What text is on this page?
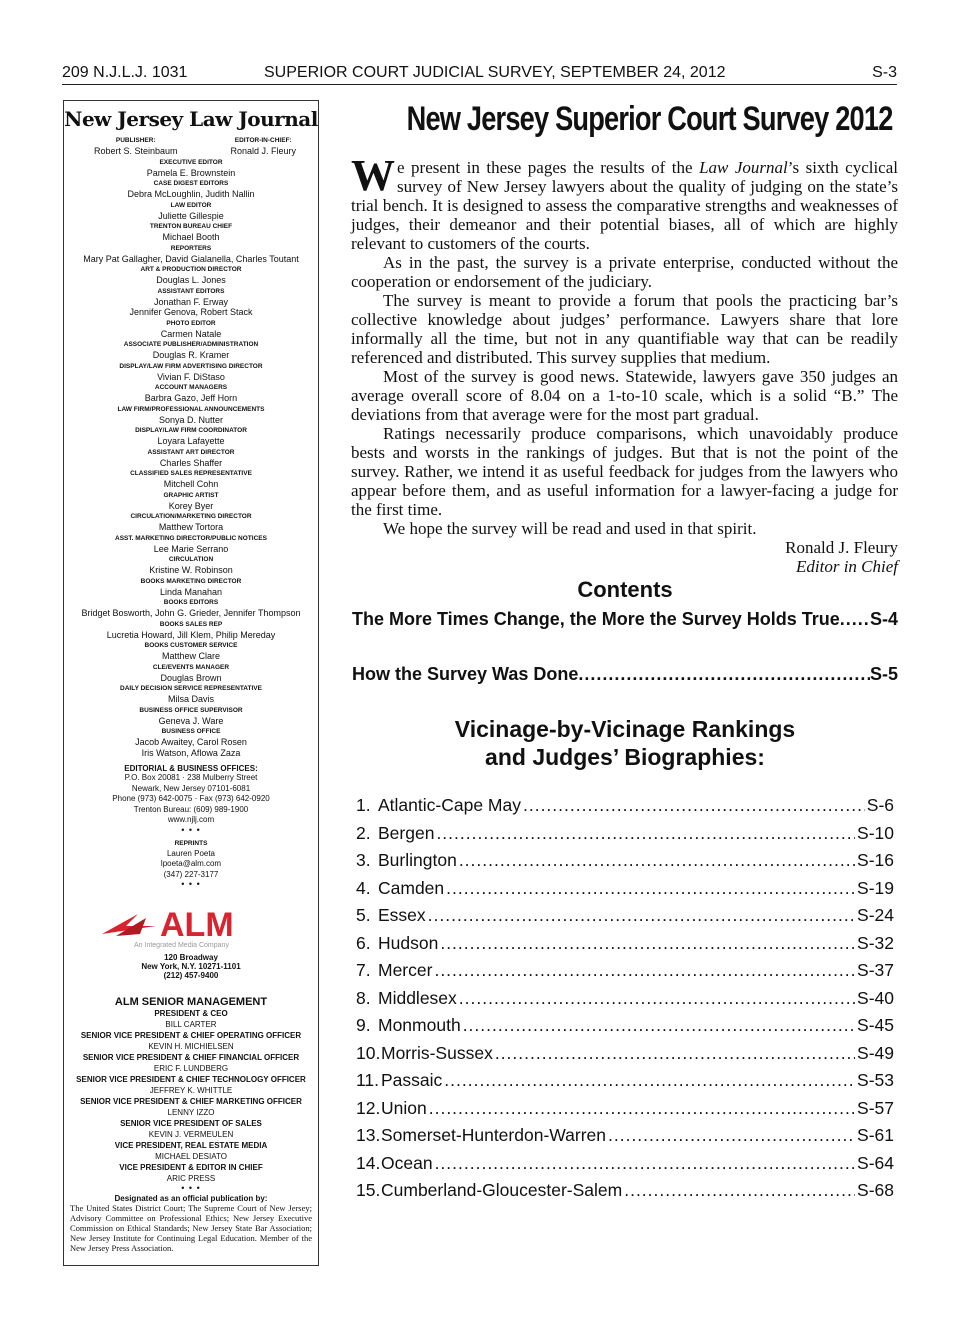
209 N.J.L.J. 1031	SUPERIOR COURT JUDICIAL SURVEY, SEPTEMBER 24, 2012	S-3
New Jersey Law Journal
PUBLISHER:
Robert S. Steinbaum
EDITOR-IN-CHIEF:
Ronald J. Fleury
EXECUTIVE EDITOR
Pamela E. Brownstein
CASE DIGEST EDITORS
Debra McLoughlin, Judith Nallin
LAW EDITOR
Juliette Gillespie
TRENTON BUREAU CHIEF
Michael Booth
REPORTERS
Mary Pat Gallagher, David Gialanella, Charles Toutant
ART & PRODUCTION DIRECTOR
Douglas L. Jones
ASSISTANT EDITORS
Jonathan F. Erway
Jennifer Genova, Robert Stack
PHOTO EDITOR
Carmen Natale
ASSOCIATE PUBLISHER/ADMINISTRATION
Douglas R. Kramer
DISPLAY/LAW FIRM ADVERTISING DIRECTOR
Vivian F. DiStaso
ACCOUNT MANAGERS
Barbra Gazo, Jeff Horn
LAW FIRM/PROFESSIONAL ANNOUNCEMENTS
Sonya D. Nutter
DISPLAY/LAW FIRM COORDINATOR
Loyara Lafayette
ASSISTANT ART DIRECTOR
Charles Shaffer
CLASSIFIED SALES REPRESENTATIVE
Mitchell Cohn
GRAPHIC ARTIST
Korey Byer
CIRCULATION/MARKETING DIRECTOR
Matthew Tortora
ASST. MARKETING DIRECTOR/PUBLIC NOTICES
Lee Marie Serrano
CIRCULATION
Kristine W. Robinson
BOOKS MARKETING DIRECTOR
Linda Manahan
BOOKS EDITORS
Bridget Bosworth, John G. Grieder, Jennifer Thompson
BOOKS SALES REP
Lucretia Howard, Jill Klem, Philip Mereday
BOOKS CUSTOMER SERVICE
Matthew Clare
CLE/EVENTS MANAGER
Douglas Brown
DAILY DECISION SERVICE REPRESENTATIVE
Milsa Davis
BUSINESS OFFICE SUPERVISOR
Geneva J. Ware
BUSINESS OFFICE
Jacob Awaitey, Carol Rosen
Iris Watson, Aflowa Zaza
EDITORIAL & BUSINESS OFFICES:
P.O. Box 20081 · 238 Mulberry Street
Newark, New Jersey 07101-6081
Phone (973) 642-0075 · Fax (973) 642-0920
Trenton Bureau: (609) 989-1900
www.njlj.com
• • •
REPRINTS
Lauren Poeta
lpoeta@alm.com
(347) 227-3177
• • •
ALM
An Integrated Media Company
120 Broadway
New York, N.Y. 10271-1101
(212) 457-9400
ALM SENIOR MANAGEMENT
PRESIDENT & CEO
BILL CARTER
SENIOR VICE PRESIDENT & CHIEF OPERATING OFFICER
KEVIN H. MICHIELSEN
SENIOR VICE PRESIDENT & CHIEF FINANCIAL OFFICER
ERIC F. LUNDBERG
SENIOR VICE PRESIDENT & CHIEF TECHNOLOGY OFFICER
JEFFREY K. WHITTLE
SENIOR VICE PRESIDENT & CHIEF MARKETING OFFICER
LENNY IZZO
SENIOR VICE PRESIDENT OF SALES
KEVIN J. VERMEULEN
VICE PRESIDENT, REAL ESTATE MEDIA
MICHAEL DESIATO
VICE PRESIDENT & EDITOR IN CHIEF
ARIC PRESS
• • •
Designated as an official publication by:
The United States District Court; The Supreme Court of New Jersey; Advisory Committee on Professional Ethics; New Jersey Executive Commission on Ethical Standards; New Jersey State Bar Association; New Jersey Institute for Continuing Legal Education. Member of the New Jersey Press Association.
New Jersey Superior Court Survey 2012

We present in these pages the results of the Law Journal’s sixth cyclical survey of New Jersey lawyers about the quality of judging on the state’s trial bench. It is designed to assess the comparative strengths and weaknesses of judges, their demeanor and their potential biases, all of which are highly relevant to customers of the courts.

As in the past, the survey is a private enterprise, conducted without the cooperation or endorsement of the judiciary.

The survey is meant to provide a forum that pools the practicing bar’s collective knowledge about judges’ performance. Lawyers share that lore informally all the time, but not in any quantifiable way that can be readily referenced and distributed. This survey supplies that medium.

Most of the survey is good news. Statewide, lawyers gave 350 judges an average overall score of 8.04 on a 1-to-10 scale, which is a solid “B.” The deviations from that average were for the most part gradual.

Ratings necessarily produce comparisons, which unavoidably produce bests and worsts in the rankings of judges. But that is not the point of the survey. Rather, we intend it as useful feedback for judges from the lawyers who appear before them, and as useful information for a lawyer-facing a judge for the first time.

We hope the survey will be read and used in that spirit.

Ronald J. Fleury
Editor in Chief
Contents
The More Times Change, the More the Survey Holds True ..... S-4
How the Survey Was Done .....	S-5
Vicinage-by-Vicinage Rankings
and Judges’ Biographies:
1. Atlantic-Cape May .....	S-6
2. Bergen .....	S-10
3. Burlington .....	S-16
4. Camden .....	S-19
5. Essex .....	S-24
6. Hudson .....	S-32
7. Mercer .....	S-37
8. Middlesex .....	S-40
9. Monmouth .....	S-45
10. Morris-Sussex .....	S-49
11. Passaic .....	S-53
12. Union .....	S-57
13. Somerset-Hunterdon-Warren .....	S-61
14. Ocean .....	S-64
15. Cumberland-Gloucester-Salem .....	S-68
